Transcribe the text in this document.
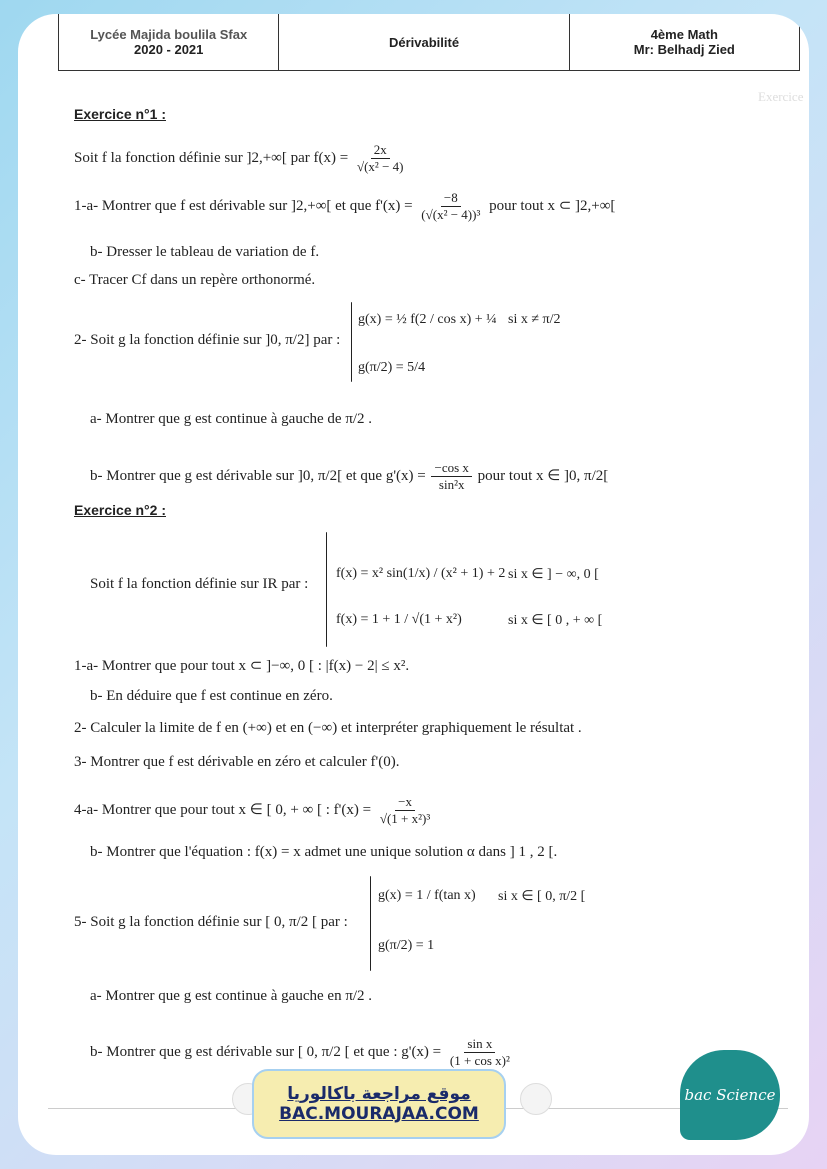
Exercice
Lycée Majida boulila Sfax
2020 - 2021	Dérivabilité	4ème Math
Mr: Belhadj Zied
Exercice n°1 :
Soit f la fonction définie sur ]2,+∞[ par $f(x) = \frac{2x}{\text{√(x² − 4)}}$
1-a- Montrer que f est dérivable sur ]2,+∞[ et que $f'(x) = \frac{-8}{\text{(√(x² − 4))³}}$ pour tout x ⊂ ]2,+∞[
b- Dresser le tableau de variation de f.
c- Tracer Cf dans un repère orthonormé.
2- Soit g la fonction définie sur ]0, π/2] par :
g(x) = ½ f(2 / cos x) + ¼ si x ≠ π/2
g(π/2) = 5/4
a- Montrer que g est continue à gauche de π/2 .
b- Montrer que g est dérivable sur ]0, π/2[ et que $g'(x) = \frac{\text{−cos x}}{\text{sin²x}}$ pour tout x ∈ ]0, π/2[
Exercice n°2 :
Soit f la fonction définie sur IR par :
f(x) = x² sin(1/x) / (x² + 1) + 2 si x ∈ ] − ∞, 0 [
f(x) = 1 + 1 / √(1 + x²)	si x ∈ [ 0 , + ∞ [
1-a- Montrer que pour tout x ⊂ ]−∞, 0 [ : |f(x) − 2| ≤ x².
b- En déduire que f est continue en zéro.
2- Calculer la limite de f en (+∞) et en (−∞) et interpréter graphiquement le résultat .
3- Montrer que f est dérivable en zéro et calculer f'(0).
4-a- Montrer que pour tout x ∈ [ 0, + ∞ [ : $f'(x) = \frac{-x}{\text{√(1 + x²)³}}$
b- Montrer que l'équation : f(x) = x admet une unique solution α dans ] 1 , 2 [.
5- Soit g la fonction définie sur [ 0, π/2 [ par :
g(x) = 1 / f(tan x) si x ∈ [ 0, π/2 [
g(π/2) = 1
a- Montrer que g est continue à gauche en π/2 .
b- Montrer que g est dérivable sur [ 0, π/2 [ et que : $g'(x) = \frac{\text{sin x}}{\text{(1 + cos x)²}}$
موقع مراجعة باكالوريا
BAC.MOURAJAA.COM
bac Science
